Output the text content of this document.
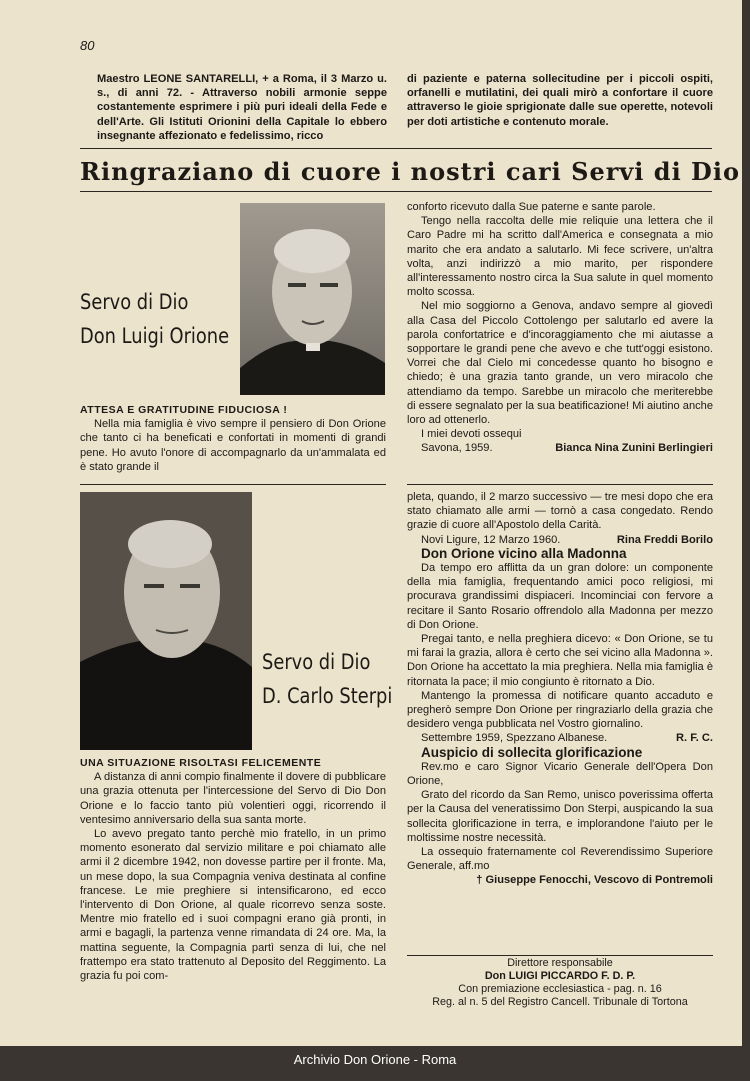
80

Maestro LEONE SANTARELLI, + a Roma, il 3 Marzo u. s., di anni 72. - Attraverso nobili armonie seppe costantemente esprimere i più puri ideali della Fede e dell'Arte. Gli Istituti Orionini della Capitale lo ebbero insegnante affezionato e fedelissimo, ricco

di paziente e paterna sollecitudine per i piccoli ospiti, orfanelli e mutilatini, dei quali mirò a confortare il cuore attraverso le gioie sprigionate dalle sue operette, notevoli per doti artistiche e contenuto morale.

Ringraziano di cuore i nostri cari Servi di Dio
Servo di Dio
Don Luigi Orione

ATTESA E GRATITUDINE FIDUCIOSA !

Nella mia famiglia è vivo sempre il pensiero di Don Orione che tanto ci ha beneficati e confortati in momenti di grandi pene. Ho avuto l'onore di accompagnarlo da un'ammalata ed è stato grande il

conforto ricevuto dalla Sue paterne e sante parole.

Tengo nella raccolta delle mie reliquie una lettera che il Caro Padre mi ha scritto dall'America e consegnata a mio marito che era andato a salutarlo. Mi fece scrivere, un'altra volta, anzi indirizzò a mio marito, per rispondere all'interessamento nostro circa la Sua salute in quel momento molto scossa.

Nel mio soggiorno a Genova, andavo sempre al giovedì alla Casa del Piccolo Cottolengo per salutarlo ed avere la parola confortatrice e d'incoraggiamento che mi aiutasse a sopportare le grandi pene che avevo e che tutt'oggi esistono. Vorrei che dal Cielo mi concedesse quanto ho bisogno e chiedo; è una grazia tanto grande, un vero miracolo che attendiamo da tempo. Sarebbe un miracolo che meriterebbe di essere segnalato per la sua beatificazione! Mi aiutino anche loro ad ottenerlo.

I miei devoti ossequi

Savona, 1959.	Bianca Nina Zunini Berlingieri

Servo di Dio
D. Carlo Sterpi

UNA SITUAZIONE RISOLTASI FELICEMENTE

A distanza di anni compio finalmente il dovere di pubblicare una grazia ottenuta per l'intercessione del Servo di Dio Don Orione e lo faccio tanto più volentieri oggi, ricorrendo il ventesimo anniversario della sua santa morte.

Lo avevo pregato tanto perchè mio fratello, in un primo momento esonerato dal servizio militare e poi chiamato alle armi il 2 dicembre 1942, non dovesse partire per il fronte. Ma, un mese dopo, la sua Compagnia veniva destinata al confine francese. Le mie preghiere si intensificarono, ed ecco l'intervento di Don Orione, al quale ricorrevo senza soste. Mentre mio fratello ed i suoi compagni erano già pronti, in armi e bagagli, la partenza venne rimandata di 24 ore. Ma, la mattina seguente, la Compagnia partì senza di lui, che nel frattempo era stato trattenuto al Deposito del Reggimento. La grazia fu poi com-

pleta, quando, il 2 marzo successivo — tre mesi dopo che era stato chiamato alle armi — tornò a casa congedato. Rendo grazie di cuore all'Apostolo della Carità.

Novi Ligure, 12 Marzo 1960.	Rina Freddi Borilo

Don Orione vicino alla Madonna

Da tempo ero afflitta da un gran dolore: un componente della mia famiglia, frequentando amici poco religiosi, mi procurava grandissimi dispiaceri. Incominciai con fervore a recitare il Santo Rosario offrendolo alla Madonna per mezzo di Don Orione.

Pregai tanto, e nella preghiera dicevo: « Don Orione, se tu mi farai la grazia, allora è certo che sei vicino alla Madonna ». Don Orione ha accettato la mia preghiera. Nella mia famiglia è ritornata la pace; il mio congiunto è ritornato a Dio.

Mantengo la promessa di notificare quanto accaduto e pregherò sempre Don Orione per ringraziarlo della grazia che desidero venga pubblicata nel Vostro giornalino.

Settembre 1959, Spezzano Albanese.	R. F. C.

Auspicio di sollecita glorificazione

Rev.mo e caro Signor Vicario Generale dell'Opera Don Orione,

Grato del ricordo da San Remo, unisco poverissima offerta per la Causa del veneratissimo Don Sterpi, auspicando la sua sollecita glorificazione in terra, e implorandone l'aiuto per le moltissime nostre necessità.

La ossequio fraternamente col Reverendissimo Superiore Generale, aff.mo

† Giuseppe Fenocchi, Vescovo di Pontremoli

Direttore responsabile
Don LUIGI PICCARDO F. D. P.
Con premiazione ecclesiastica - pag. n. 16
Reg. al n. 5 del Registro Cancell. Tribunale di Tortona
Archivio Don Orione - Roma
